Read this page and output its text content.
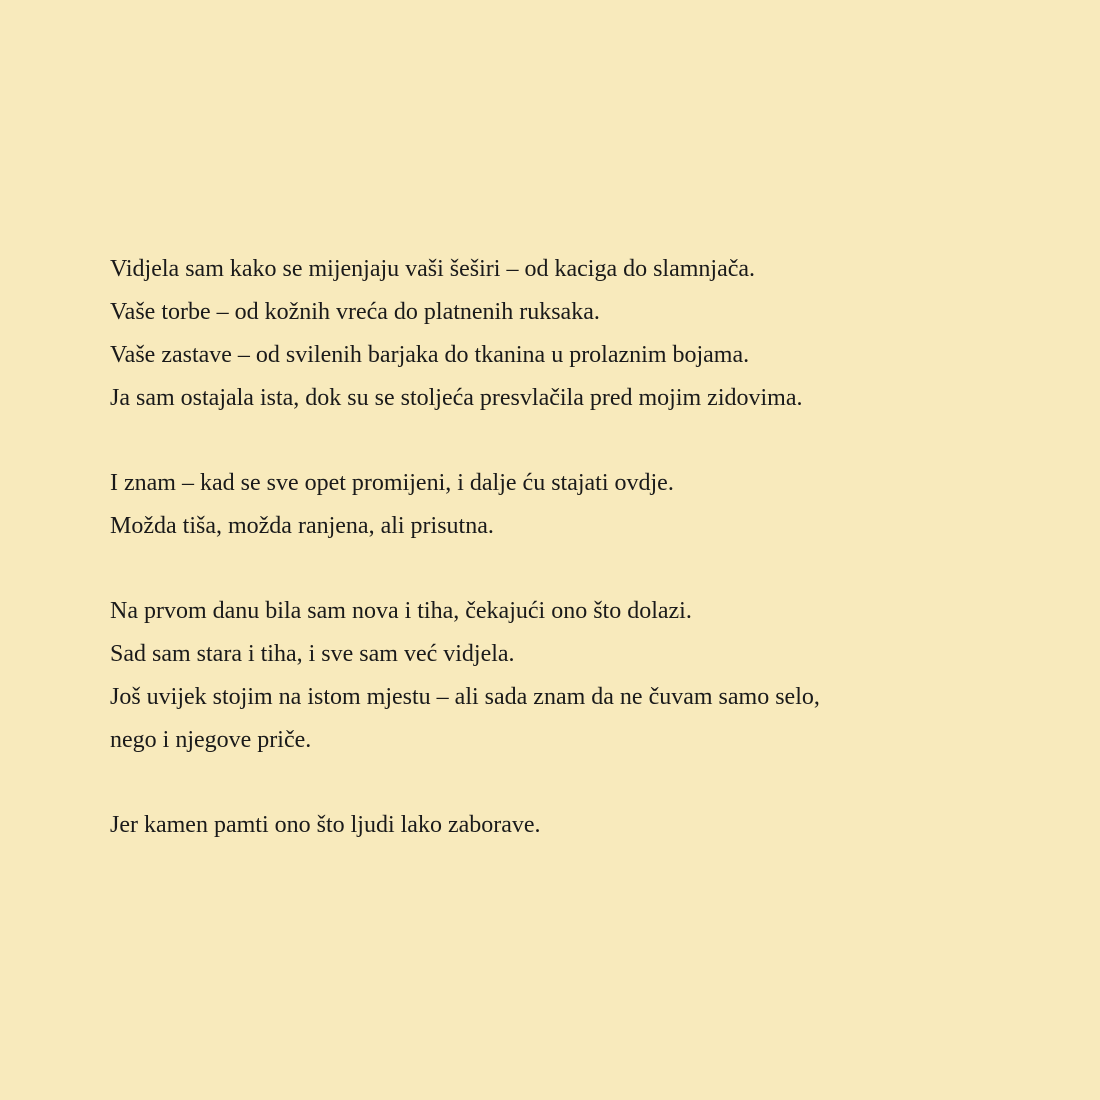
Vidjela sam kako se mijenjaju vaši šeširi – od kaciga do slamnjača.
Vaše torbe – od kožnih vreća do platnenih ruksaka.
Vaše zastave – od svilenih barjaka do tkanina u prolaznim bojama.
Ja sam ostajala ista, dok su se stoljeća presvlačila pred mojim zidovima.
I znam – kad se sve opet promijeni, i dalje ću stajati ovdje.
Možda tiša, možda ranjena, ali prisutna.
Na prvom danu bila sam nova i tiha, čekajući ono što dolazi.
Sad sam stara i tiha, i sve sam već vidjela.
Još uvijek stojim na istom mjestu – ali sada znam da ne čuvam samo selo,
nego i njegove priče.
Jer kamen pamti ono što ljudi lako zaborave.
